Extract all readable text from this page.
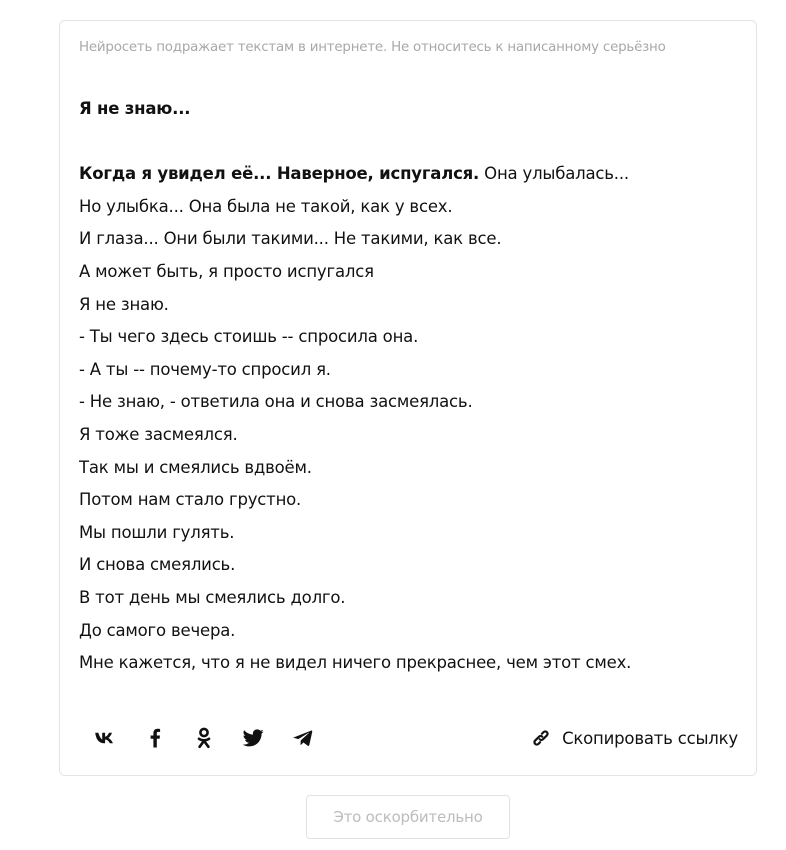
Нейросеть подражает текстам в интернете. Не относитесь к написанному серьёзно
Я не знаю...
Когда я увидел её... Наверное, испугался. Она улыбалась...
Но улыбка... Она была не такой, как у всех.
И глаза... Они были такими... Не такими, как все.
А может быть, я просто испугался
Я не знаю.
- Ты чего здесь стоишь -- спросила она.
- А ты -- почему-то спросил я.
- Не знаю, - ответила она и снова засмеялась.
Я тоже засмеялся.
Так мы и смеялись вдвоём.
Потом нам стало грустно.
Мы пошли гулять.
И снова смеялись.
В тот день мы смеялись долго.
До самого вечера.
Мне кажется, что я не видел ничего прекраснее, чем этот смех.
Скопировать ссылку
Это оскорбительно
